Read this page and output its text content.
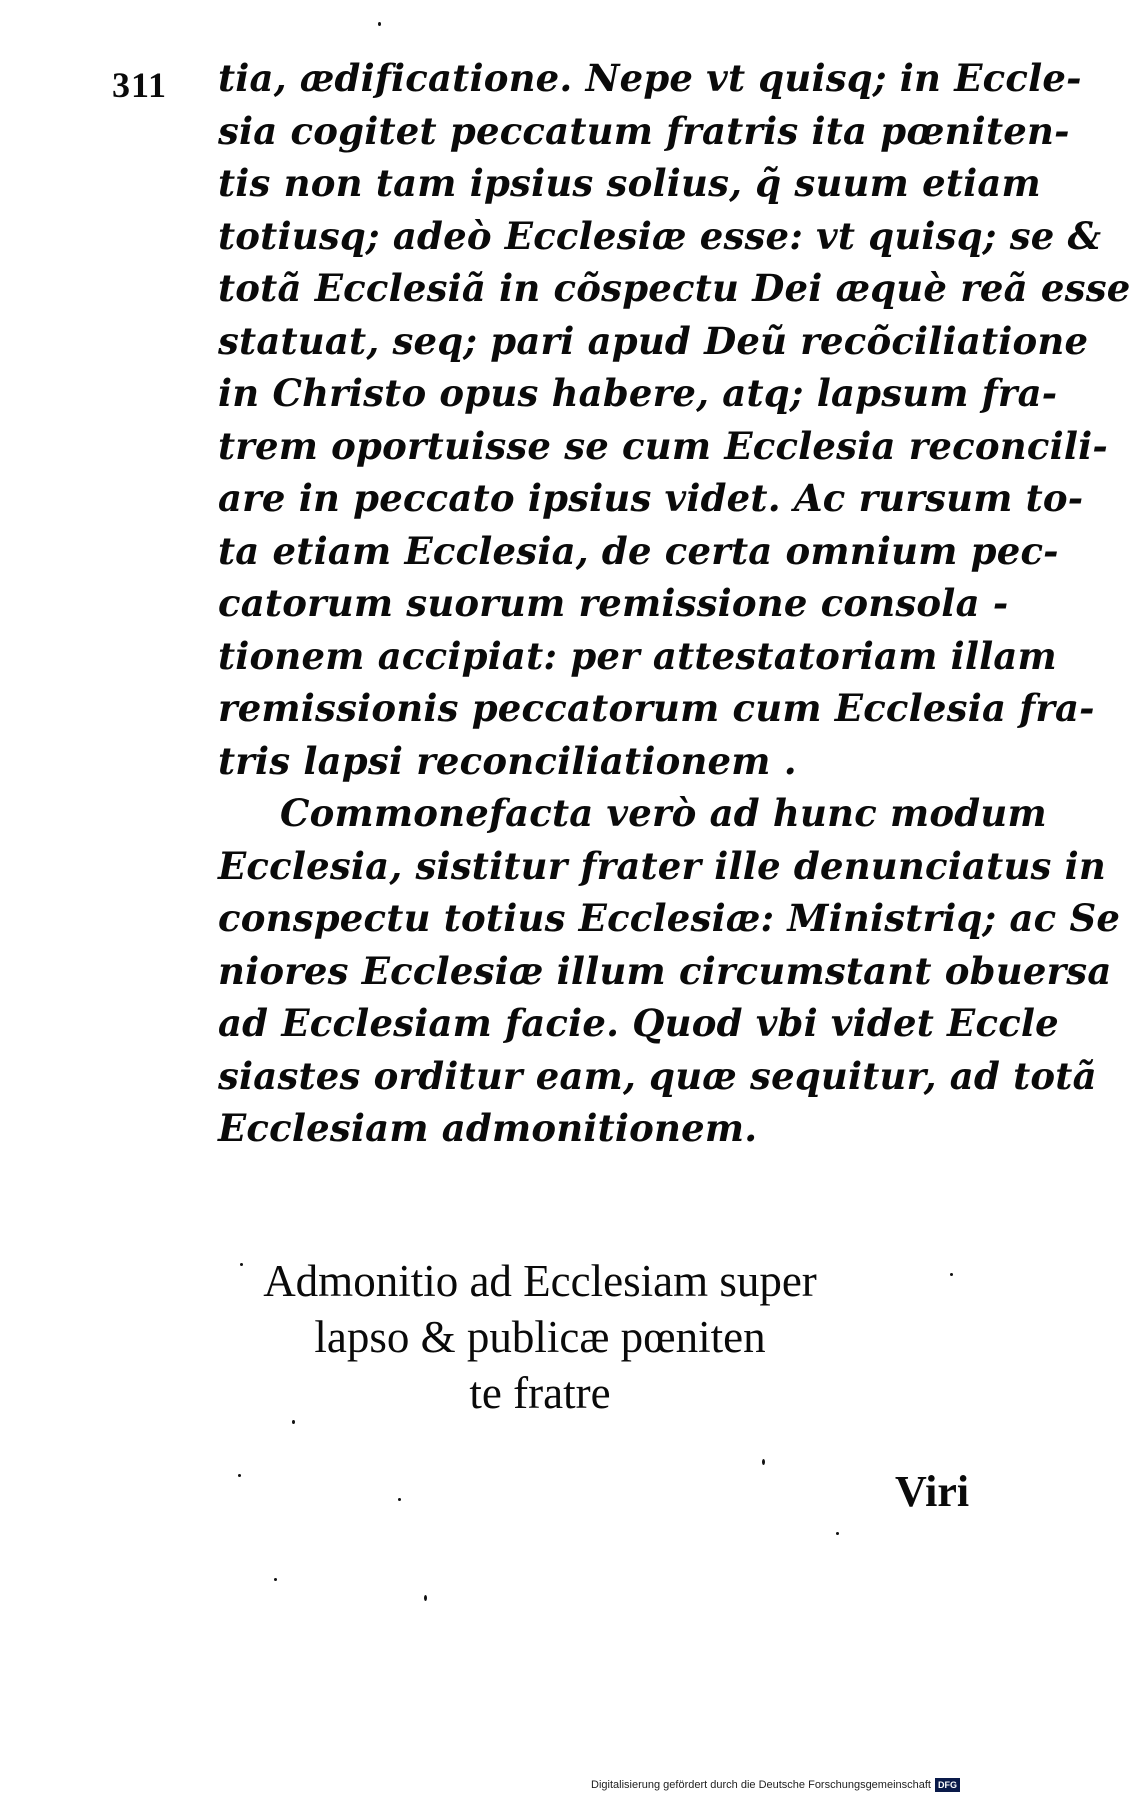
311 tia, ædificatione. Nepe vt quisq; in Eccle-
sia cogitet peccatum fratris ita pœniten-
tis non tam ipsius solius, q̃ suum etiam
totiusq; adeò Ecclesiæ esse: vt quisq; se &
totã Ecclesiã in cõspectu Dei æquè reã esse
statuat, seq; pari apud Deũ recõciliatione
in Christo opus habere, atq; lapsum fra-
trem oportuisse se cum Ecclesia reconcili-
are in peccato ipsius videt. Ac rursum to-
ta etiam Ecclesia, de certa omnium pec-
catorum suorum remissione consola -
tionem accipiat: per attestatoriam illam
remissionis peccatorum cum Ecclesia fra-
tris lapsi reconciliationem .
Commonefacta verò ad hunc modum
Ecclesia, sistitur frater ille denunciatus in
conspectu totius Ecclesiæ: Ministriq; ac Se
niores Ecclesiæ illum circumstant obuersa
ad Ecclesiam facie. Quod vbi videt Eccle
siastes orditur eam, quæ sequitur, ad totã
Ecclesiam admonitionem.
Admonitio ad Ecclesiam super
lapso & publicæ pœniten
te fratre
Viri
Digitalisierung gefördert durch die Deutsche Forschungsgemeinschaft DFG
